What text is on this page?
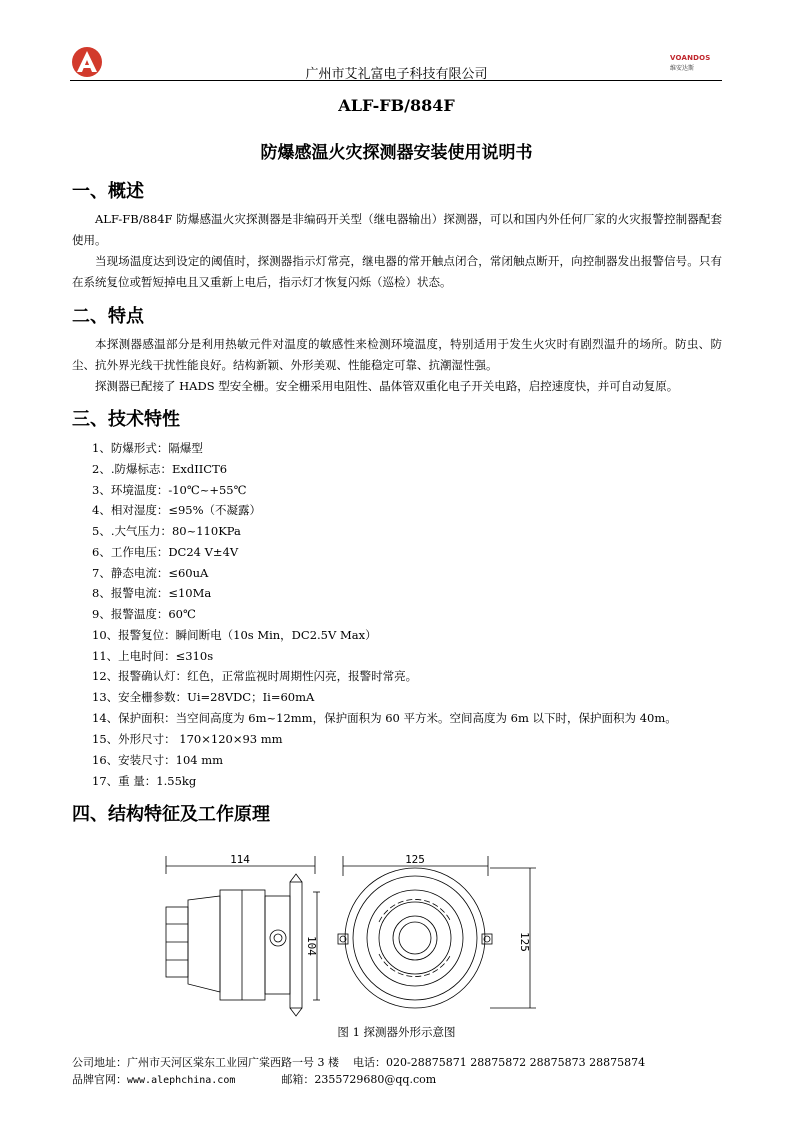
广州市艾礼富电子科技有限公司
VOANDOS
维安达斯
ALF-FB/884F
防爆感温火灾探测器安装使用说明书
一、概述
ALF-FB/884F 防爆感温火灾探测器是非编码开关型（继电器输出）探测器，可以和国内外任何厂家的火灾报警控制器配套使用。
当现场温度达到设定的阈值时，探测器指示灯常亮，继电器的常开触点闭合，常闭触点断开，向控制器发出报警信号。只有在系统复位或暂短掉电且又重新上电后，指示灯才恢复闪烁（巡检）状态。
二、特点
本探测器感温部分是利用热敏元件对温度的敏感性来检测环境温度，特别适用于发生火灾时有剧烈温升的场所。防虫、防尘、抗外界光线干扰性能良好。结构新颖、外形美观、性能稳定可靠、抗潮湿性强。
探测器已配接了 HADS 型安全栅。安全栅采用电阻性、晶体管双重化电子开关电路，启控速度快，并可自动复原。
三、技术特性
1、防爆形式：隔爆型
2、.防爆标志：ExdIICT6
3、环境温度：-10℃~+55℃
4、相对湿度：≤95%（不凝露）
5、.大气压力：80~110KPa
6、工作电压：DC24 V±4V
7、静态电流：≤60uA
8、报警电流：≤10Ma
9、报警温度：60℃
10、报警复位：瞬间断电（10s Min，DC2.5V Max）
11、上电时间：≤310s
12、报警确认灯：红色，正常监视时周期性闪亮，报警时常亮。
13、安全栅参数：Ui=28VDC；Ii=60mA
14、保护面积：当空间高度为 6m~12mm，保护面积为 60 平方米。空间高度为 6m 以下时，保护面积为 40m。
15、外形尺寸： 170×120×93 mm
16、安装尺寸：104 mm
17、重 量：1.55kg
四、结构特征及工作原理
114
104
125
125
图 1 探测器外形示意图
公司地址：广州市天河区棠东工业园广棠西路一号 3 楼 电话：020-28875871 28875872 28875873 28875874
品牌官网：www.alephchina.com	邮箱：2355729680@qq.com
